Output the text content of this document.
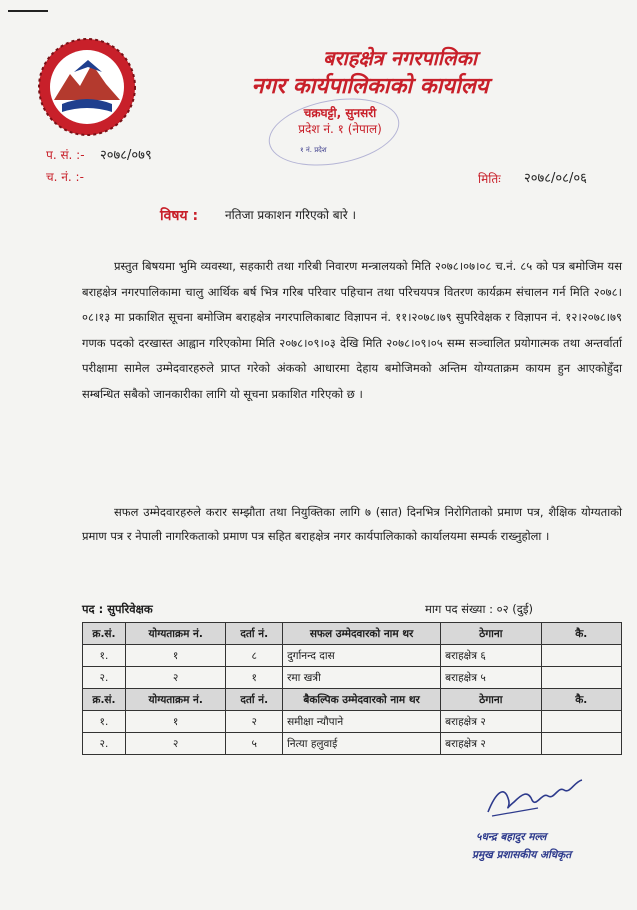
बराहक्षेत्र नगरपालिका
नगर कार्यपालिकाको कार्यालय
चक्रघट्टी, सुनसरी
प्रदेश नं. १ (नेपाल)
१ नं. प्रदेश
प. सं. :- २०७८/०७९
च. नं. :-	मितिः २०७८/०८/०६
विषय : नतिजा प्रकाशन गरिएको बारे ।
प्रस्तुत बिषयमा भुमि व्यवस्था, सहकारी तथा गरिबी निवारण मन्त्रालयको मिति २०७८।०७।०८ च.नं. ८५ को पत्र बमोजिम यस बराहक्षेत्र नगरपालिकामा चालु आर्थिक बर्ष भित्र गरिब परिवार पहिचान तथा परिचयपत्र वितरण कार्यक्रम संचालन गर्न मिति २०७८।०८।१३ मा प्रकाशित सूचना बमोजिम बराहक्षेत्र नगरपालिकाबाट विज्ञापन नं. ११।२०७८।७९ सुपरिवेक्षक र विज्ञापन नं. १२।२०७८।७९ गणक पदको दरखास्त आह्वान गरिएकोमा मिति २०७८।०९।०३ देखि मिति २०७८।०९।०५ सम्म सञ्चालित प्रयोगात्मक तथा अन्तर्वार्ता परीक्षामा सामेल उम्मेदवारहरुले प्राप्त गरेको अंकको आधारमा देहाय बमोजिमको अन्तिम योग्यताक्रम कायम हुन आएकोहुँदा सम्बन्धित सबैको जानकारीका लागि यो सूचना प्रकाशित गरिएको छ ।
सफल उम्मेदवारहरुले करार सम्झौता तथा नियुक्तिका लागि ७ (सात) दिनभित्र निरोगिताको प्रमाण पत्र, शैक्षिक योग्यताको प्रमाण पत्र र नेपाली नागरिकताको प्रमाण पत्र सहित बराहक्षेत्र नगर कार्यपालिकाको कार्यालयमा सम्पर्क राख्नुहोला ।
पद : सुपरिवेक्षक	माग पद संख्या : ०२ (दुई)
क्र.सं.	योग्यताक्रम नं.	दर्ता नं.	सफल उम्मेदवारको नाम थर	ठेगाना	कै.
१.	१	८	दुर्गानन्द दास	बराहक्षेत्र ६	
२.	२	१	रमा खत्री	बराहक्षेत्र ५	
क्र.सं.	योग्यताक्रम नं.	दर्ता नं.	बैकल्पिक उम्मेदवारको नाम थर	ठेगाना	कै.
१.	१	२	समीक्षा न्यौपाने	बराहक्षेत्र २	
२.	२	५	नित्या हलुवाई	बराहक्षेत्र २	
५धन्द्र बहादुर मल्ल
प्रमुख प्रशासकीय अधिकृत
